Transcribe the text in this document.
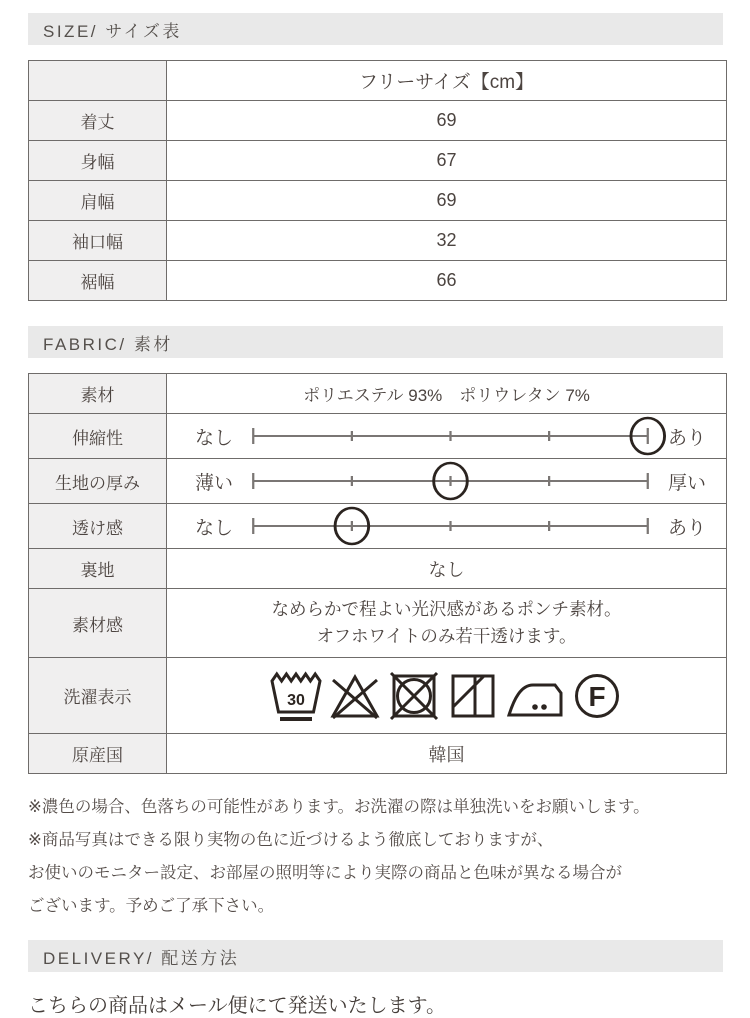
SIZE/ サイズ表
	フリーサイズ【cm】
着丈	69
身幅	67
肩幅	69
袖口幅	32
裾幅	66
FABRIC/ 素材
素材	ポリエステル 93%　ポリウレタン 7%
伸縮性	なし あり

生地の厚み	薄い 厚い

透け感	なし あり

裏地	なし
素材感	なめらかで程よい光沢感があるポンチ素材。
オフホワイトのみ若干透けます。

洗濯表示	30 F

原産国	韓国

※濃色の場合、色落ちの可能性があります。お洗濯の際は単独洗いをお願いします。

※商品写真はできる限り実物の色に近づけるよう徹底しておりますが、

お使いのモニター設定、お部屋の照明等により実際の商品と色味が異なる場合が

ございます。予めご了承下さい。

DELIVERY/ 配送方法
こちらの商品はメール便にて発送いたします。
